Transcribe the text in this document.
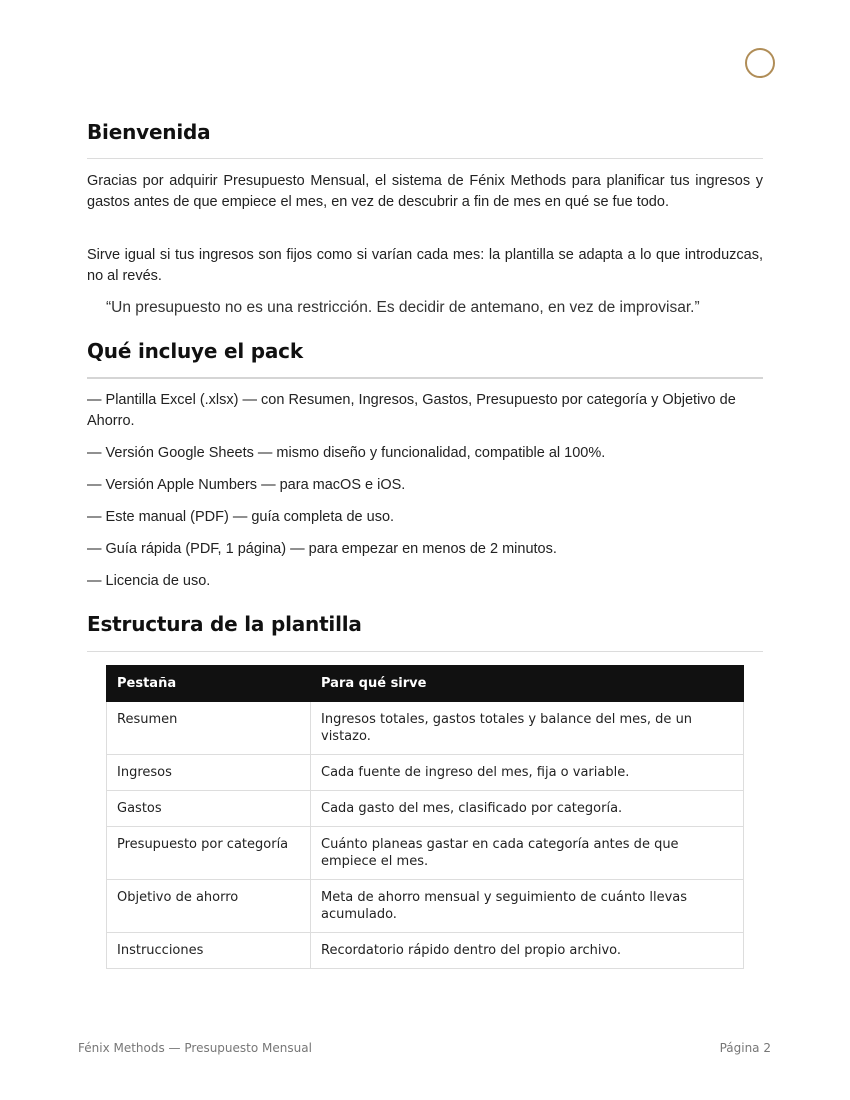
Bienvenida

Gracias por adquirir Presupuesto Mensual, el sistema de Fénix Methods para planificar tus ingresos y gastos antes de que empiece el mes, en vez de descubrir a fin de mes en qué se fue todo.

Sirve igual si tus ingresos son fijos como si varían cada mes: la plantilla se adapta a lo que introduzcas, no al revés.

“Un presupuesto no es una restricción. Es decidir de antemano, en vez de improvisar.”
Qué incluye el pack
— Plantilla Excel (.xlsx) — con Resumen, Ingresos, Gastos, Presupuesto por categoría y Objetivo de Ahorro.
— Versión Google Sheets — mismo diseño y funcionalidad, compatible al 100%.
— Versión Apple Numbers — para macOS e iOS.
— Este manual (PDF) — guía completa de uso.
— Guía rápida (PDF, 1 página) — para empezar en menos de 2 minutos.
— Licencia de uso.
Estructura de la plantilla
Pestaña	Para qué sirve
Resumen	Ingresos totales, gastos totales y balance del mes, de un vistazo.
Ingresos	Cada fuente de ingreso del mes, fija o variable.
Gastos	Cada gasto del mes, clasificado por categoría.
Presupuesto por categoría	Cuánto planeas gastar en cada categoría antes de que empiece el mes.
Objetivo de ahorro	Meta de ahorro mensual y seguimiento de cuánto llevas acumulado.
Instrucciones	Recordatorio rápido dentro del propio archivo.
Fénix Methods — Presupuesto Mensual	Página 2
